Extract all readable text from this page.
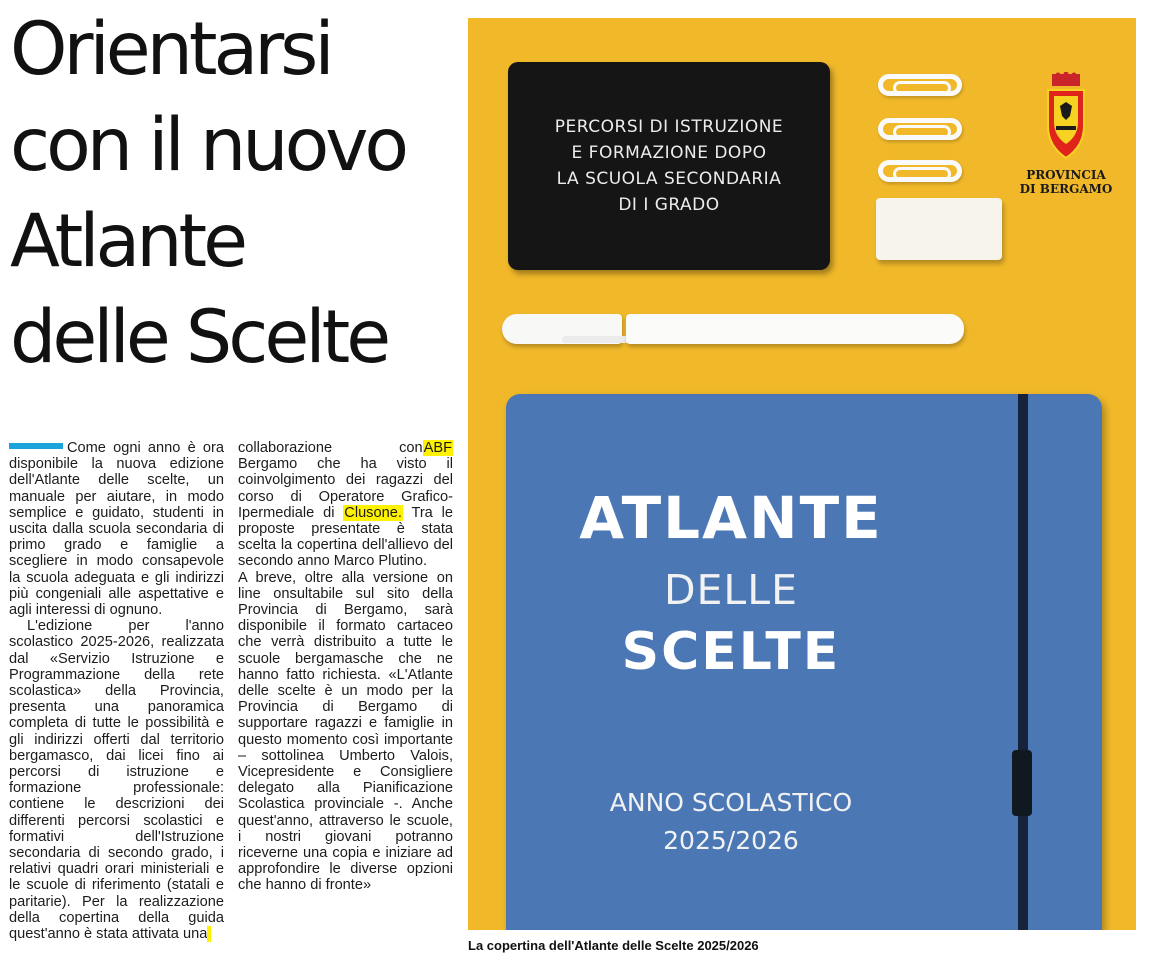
Orientarsi
con il nuovo
Atlante
delle Scelte

Come ogni anno è ora disponibile la nuova edizione dell'Atlante delle scelte, un manuale per aiutare, in modo semplice e guidato, studenti in uscita dalla scuola secondaria di primo grado e famiglie a scegliere in modo consapevole la scuola adeguata e gli indirizzi più congeniali alle aspettative e agli interessi di ognuno.

L'edizione per l'anno scolastico 2025-2026, realizzata dal «Servizio Istruzione e Programmazione della rete scolastica» della Provincia, presenta una panoramica completa di tutte le possibilità e gli indirizzi offerti dal territorio bergamasco, dai licei fino ai percorsi di istruzione e formazione professionale: contiene le descrizioni dei differenti percorsi scolastici e formativi dell'Istruzione secondaria di secondo grado, i relativi quadri orari ministeriali e le scuole di riferimento (statali e paritarie). Per la realizzazione della copertina della guida quest'anno è stata attivata una

collaborazione conABF Bergamo che ha visto il coinvolgimento dei ragazzi del corso di Operatore Grafico-Ipermediale di Clusone. Tra le proposte presentate è stata scelta la copertina dell'allievo del secondo anno Marco Plutino.

A breve, oltre alla versione on line onsultabile sul sito della Provincia di Bergamo, sarà disponibile il formato cartaceo che verrà distribuito a tutte le scuole bergamasche che ne hanno fatto richiesta. «L'Atlante delle scelte è un modo per la Provincia di Bergamo di supportare ragazzi e famiglie in questo momento così importante – sottolinea Umberto Valois, Vicepresidente e Consigliere delegato alla Pianificazione Scolastica provinciale -. Anche quest'anno, attraverso le scuole, i nostri giovani potranno riceverne una copia e iniziare ad approfondire le diverse opzioni che hanno di fronte»

PERCORSI DI ISTRUZIONE
E FORMAZIONE DOPO
LA SCUOLA SECONDARIA
DI I GRADO
PROVINCIA
DI BERGAMO
ATLANTE
DELLE
SCELTE
ANNO SCOLASTICO
2025/2026

La copertina dell'Atlante delle Scelte 2025/2026
